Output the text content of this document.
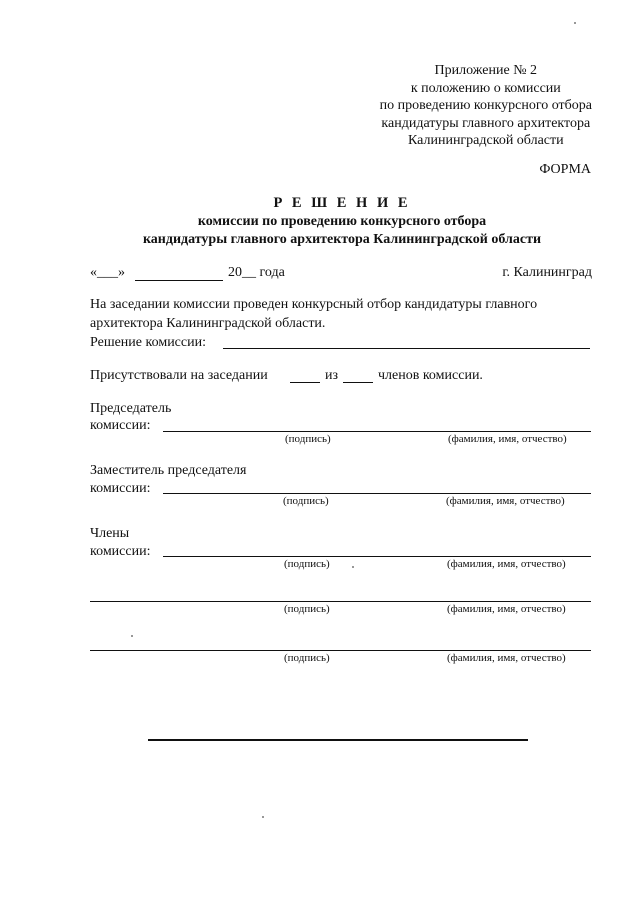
Приложение № 2
к положению о комиссии
по проведению конкурсного отбора
кандидатуры главного архитектора
Калининградской области
ФОРМА
Р Е Ш Е Н И Е
комиссии по проведению конкурсного отбора
кандидатуры главного архитектора Калининградской области
«___»	20__ года	г. Калининград
На заседании комиссии проведен конкурсный отбор кандидатуры главного
архитектора Калининградской области.
Решение комиссии:
Присутствовали на заседании	из	членов комиссии.
Председатель
комиссии:
(подпись)	(фамилия, имя, отчество)
Заместитель председателя
комиссии:
(подпись)	(фамилия, имя, отчество)
Члены
комиссии:
(подпись)	(фамилия, имя, отчество)
(подпись)	(фамилия, имя, отчество)
(подпись)	(фамилия, имя, отчество)
